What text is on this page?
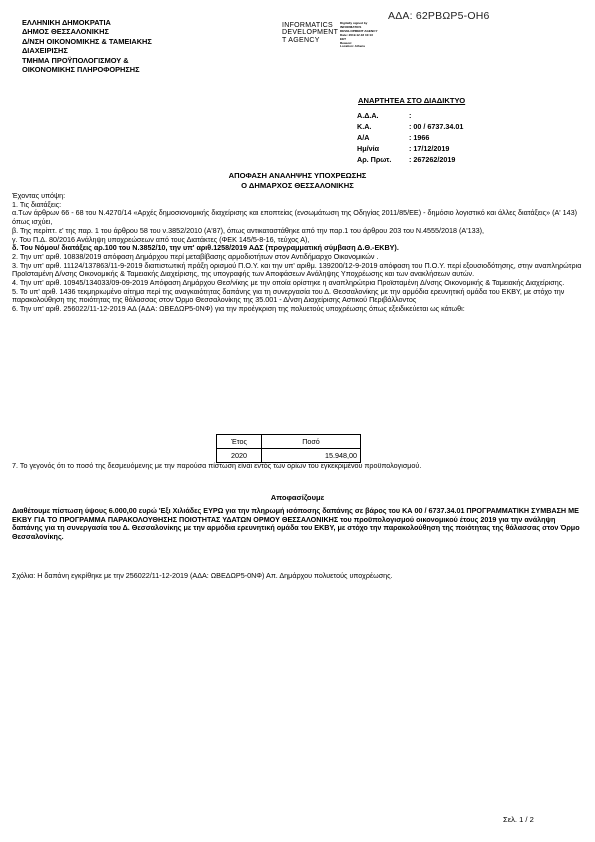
ΑΔΑ: 62ΡΒΩΡ5-ΟΗ6
ΕΛΛΗΝΙΚΗ ΔΗΜΟΚΡΑΤΙΑ
ΔΗΜΟΣ ΘΕΣΣΑΛΟΝΙΚΗΣ
Δ/ΝΣΗ ΟΙΚΟΝΟΜΙΚΗΣ & ΤΑΜΕΙΑΚΗΣ
ΔΙΑΧΕΙΡΙΣΗΣ
ΤΜΗΜΑ ΠΡΟΫΠΟΛΟΓΙΣΜΟΥ &
ΟΙΚΟΝΟΜΙΚΗΣ ΠΛΗΡΟΦΟΡΗΣΗΣ
INFORMATICS
DEVELOPMENT
T AGENCY
Digitally signed by
INFORMATICS
DEVELOPMENT AGENCY
Date: 2019.12.18 10:13
EET
Reason:
Location: Athens
ΑΝΑΡΤΗΤΕΑ ΣΤΟ ΔΙΑΔΙΚΤΥΟ
Α.Δ.Α.	:
Κ.Α.	: 00 / 6737.34.01
Α/Α	: 1966
Ημ/νία	: 17/12/2019
Αρ. Πρωτ.	: 267262/2019
ΑΠΟΦΑΣΗ ΑΝΑΛΗΨΗΣ ΥΠΟΧΡΕΩΣΗΣ
Ο ΔΗΜΑΡΧΟΣ ΘΕΣΣΑΛΟΝΙΚΗΣ
Έχοντας υπόψη:
1. Τις διατάξεις:
α.Των άρθρων 66 - 68 του Ν.4270/14 «Αρχές δημοσιονομικής διαχείρισης και εποπτείας (ενσωμάτωση της Οδηγίας 2011/85/ΕΕ) - δημόσιο λογιστικό και άλλες διατάξεις» (Α' 143) όπως ισχύει,
β. Της περίπτ. ε' της παρ. 1 του άρθρου 58 του ν.3852/2010 (Α'87), όπως αντικαταστάθηκε από την παρ.1 του άρθρου 203 του Ν.4555/2018 (Α'133),
γ. Του Π.Δ. 80/2016 Ανάληψη υποχρεώσεων από τους Διατάκτες (ΦΕΚ 145/5-8-16, τεύχος Α),
δ. Του Νόμου/ διατάξεις αρ.100 του Ν.3852/10, την υπ' αριθ.1258/2019 ΑΔΣ (προγραμματική σύμβαση Δ.Θ.-ΕΚΒΥ).
2. Την υπ' αριθ. 10838/2019 απόφαση Δημάρχου περί μεταβίβασης αρμοδιοτήτων στον Αντιδήμαρχο Οικονομικών .
3. Την υπ' αριθ. 11124/137863/11-9-2019 διαπιστωτική πράξη ορισμού Π.Ο.Υ. και την υπ' αριθμ. 139200/12-9-2019 απόφαση του Π.Ο.Υ. περί εξουσιοδότησης, στην αναπληρώτρια Προϊσταμένη Δ/νσης Οικονομικής & Ταμειακής Διαχείρισης, της υπογραφής των Αποφάσεων Ανάληψης Υποχρέωσης και των ανακλήσεων αυτών.
4. Την υπ' αριθ. 10945/134033/09-09-2019 Απόφαση Δημάρχου Θεσ/νίκης με την οποία ορίστηκε η αναπληρώτρια Προϊσταμένη Δ/νσης Οικονομικής & Ταμειακής Διαχείρισης.
5. Το υπ' αριθ. 1436 τεκμηριωμένο αίτημα περί της αναγκαιότητας δαπάνης για τη συνεργασία του Δ. Θεσσαλονίκης με την αρμόδια ερευνητική ομάδα του ΕΚΒΥ, με στόχο την παρακολούθηση της ποιότητας της θάλασσας στον Όρμο Θεσσαλονίκης της 35.001 - Δ/νση Διαχείρισης Αστικού Περιβάλλοντος
6. Την υπ' αριθ. 256022/11-12-2019 ΑΔ (ΑΔΑ: ΩΒΕΔΩΡ5-0ΝΦ) για την προέγκριση της πολυετούς υποχρέωσης όπως εξειδικεύεται ως κάτωθι:
Έτος	Ποσό
2020	15.948,00
7. Το γεγονός ότι το ποσό της δεσμευόμενης με την παρούσα πίστωση είναι εντός των ορίων του εγκεκριμένου προϋπολογισμού.
Αποφασίζουμε
Διαθέτουμε πίστωση ύψους 6.000,00 ευρώ 'Εξι Χιλιάδες ΕΥΡΩ για την πληρωμή ισόποσης δαπάνης σε βάρος του ΚΑ 00 / 6737.34.01 ΠΡΟΓΡΑΜΜΑΤΙΚΗ ΣΥΜΒΑΣΗ ΜΕ ΕΚΒΥ ΓΙΑ ΤΟ ΠΡΟΓΡΑΜΜΑ ΠΑΡΑΚΟΛΟΥΘΗΣΗΣ ΠΟΙΟΤΗΤΑΣ ΥΔΑΤΩΝ ΟΡΜΟΥ ΘΕΣΣΑΛΟΝΙΚΗΣ του προϋπολογισμού οικονομικού έτους 2019 για την ανάληψη δαπάνης για τη συνεργασία του Δ. Θεσσαλονίκης με την αρμόδια ερευνητική ομάδα του ΕΚΒΥ, με στόχο την παρακολούθηση της ποιότητας της θάλασσας στον Όρμο Θεσσαλονίκης.
Σχόλια: Η δαπάνη εγκρίθηκε με την 256022/11-12-2019 (ΑΔΑ: ΩΒΕΔΩΡ5-0ΝΦ) Απ. Δημάρχου πολυετούς υποχρέωσης.
Σελ. 1 / 2
